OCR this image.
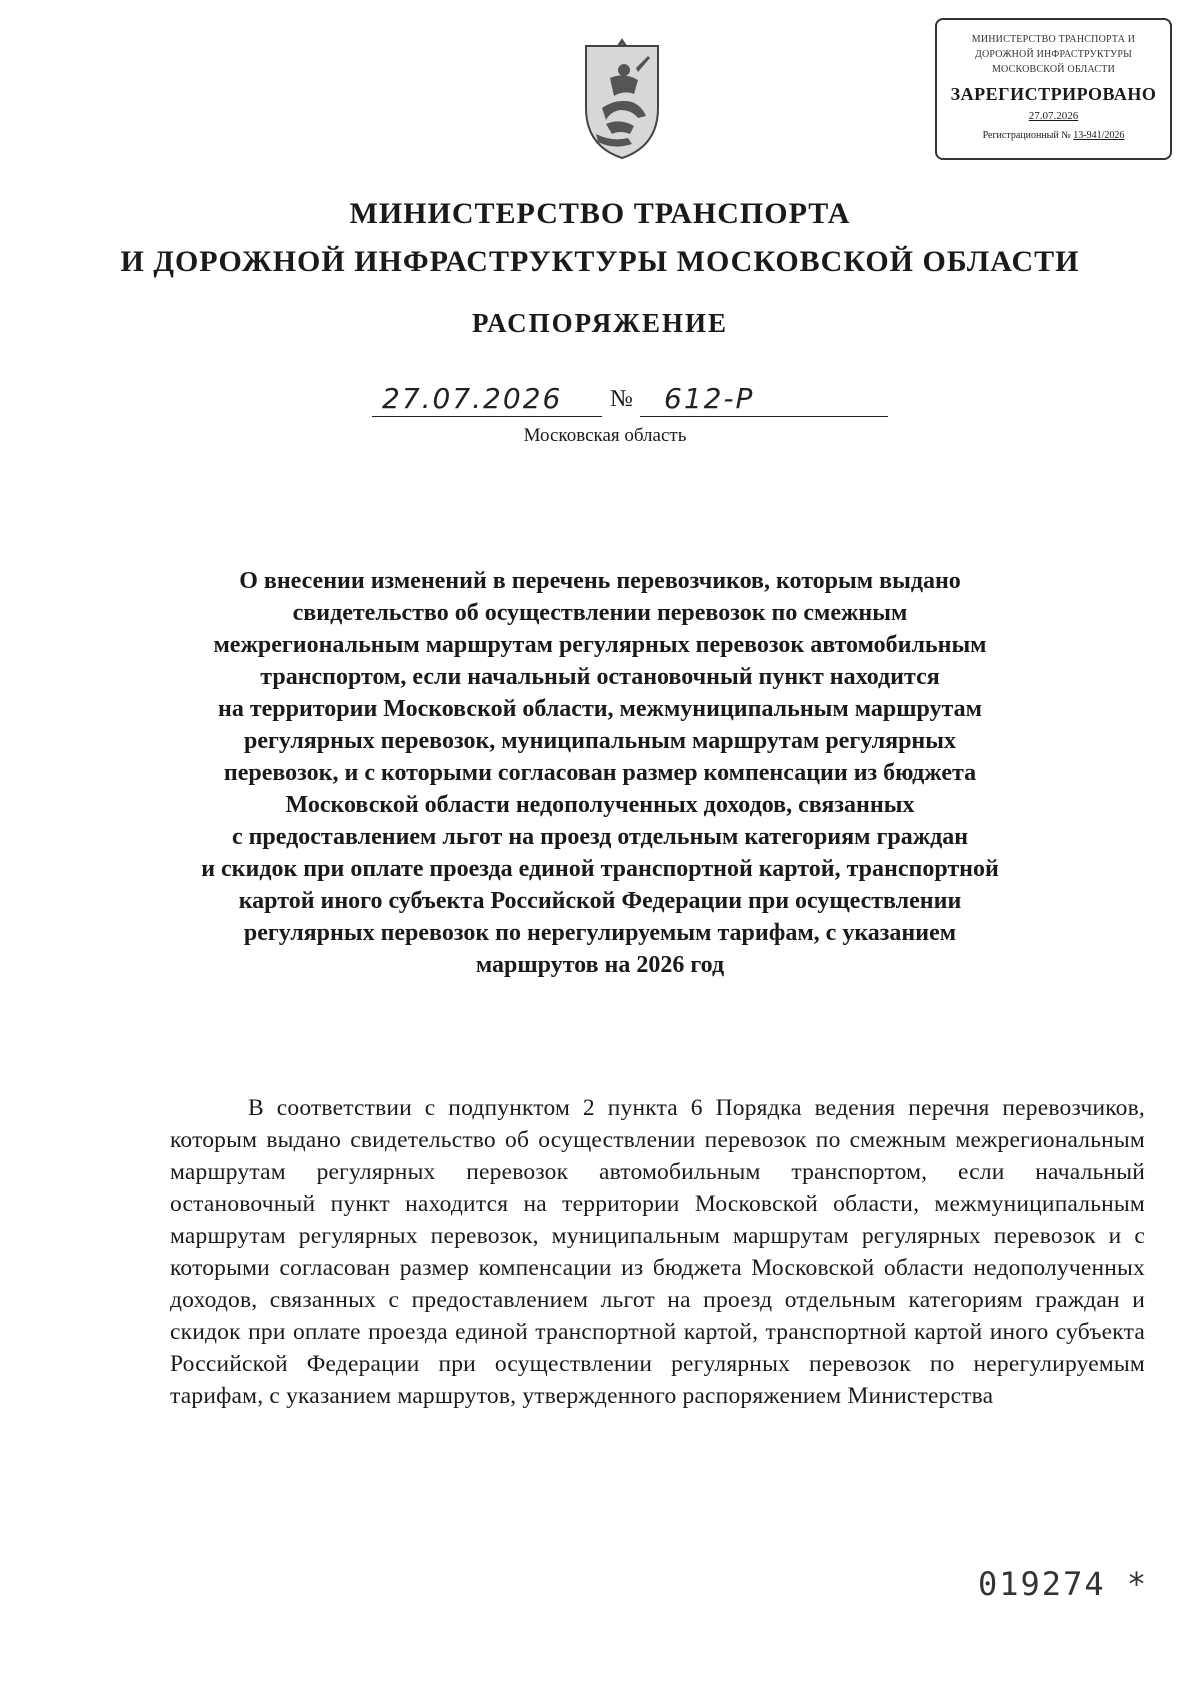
МИНИСТЕРСТВО ТРАНСПОРТА И
ДОРОЖНОЙ ИНФРАСТРУКТУРЫ
МОСКОВСКОЙ ОБЛАСТИ
ЗАРЕГИСТРИРОВАНО
27.07.2026
Регистрационный № 13-941/2026
МИНИСТЕРСТВО ТРАНСПОРТА
И ДОРОЖНОЙ ИНФРАСТРУКТУРЫ МОСКОВСКОЙ ОБЛАСТИ
РАСПОРЯЖЕНИЕ
27.07.2026 № 612-Р
Московская область
О внесении изменений в перечень перевозчиков, которым выдано
свидетельство об осуществлении перевозок по смежным
межрегиональным маршрутам регулярных перевозок автомобильным
транспортом, если начальный остановочный пункт находится
на территории Московской области, межмуниципальным маршрутам
регулярных перевозок, муниципальным маршрутам регулярных
перевозок, и с которыми согласован размер компенсации из бюджета
Московской области недополученных доходов, связанных
с предоставлением льгот на проезд отдельным категориям граждан
и скидок при оплате проезда единой транспортной картой, транспортной
картой иного субъекта Российской Федерации при осуществлении
регулярных перевозок по нерегулируемым тарифам, с указанием
маршрутов на 2026 год

В соответствии с подпунктом 2 пункта 6 Порядка ведения перечня перевозчиков, которым выдано свидетельство об осуществлении перевозок по смежным межрегиональным маршрутам регулярных перевозок автомобильным транспортом, если начальный остановочный пункт находится на территории Московской области, межмуниципальным маршрутам регулярных перевозок, муниципальным маршрутам регулярных перевозок и с которыми согласован размер компенсации из бюджета Московской области недополученных доходов, связанных с предоставлением льгот на проезд отдельным категориям граждан и скидок при оплате проезда единой транспортной картой, транспортной картой иного субъекта Российской Федерации при осуществлении регулярных перевозок по нерегулируемым тарифам, с указанием маршрутов, утвержденного распоряжением Министерства

019274 *
